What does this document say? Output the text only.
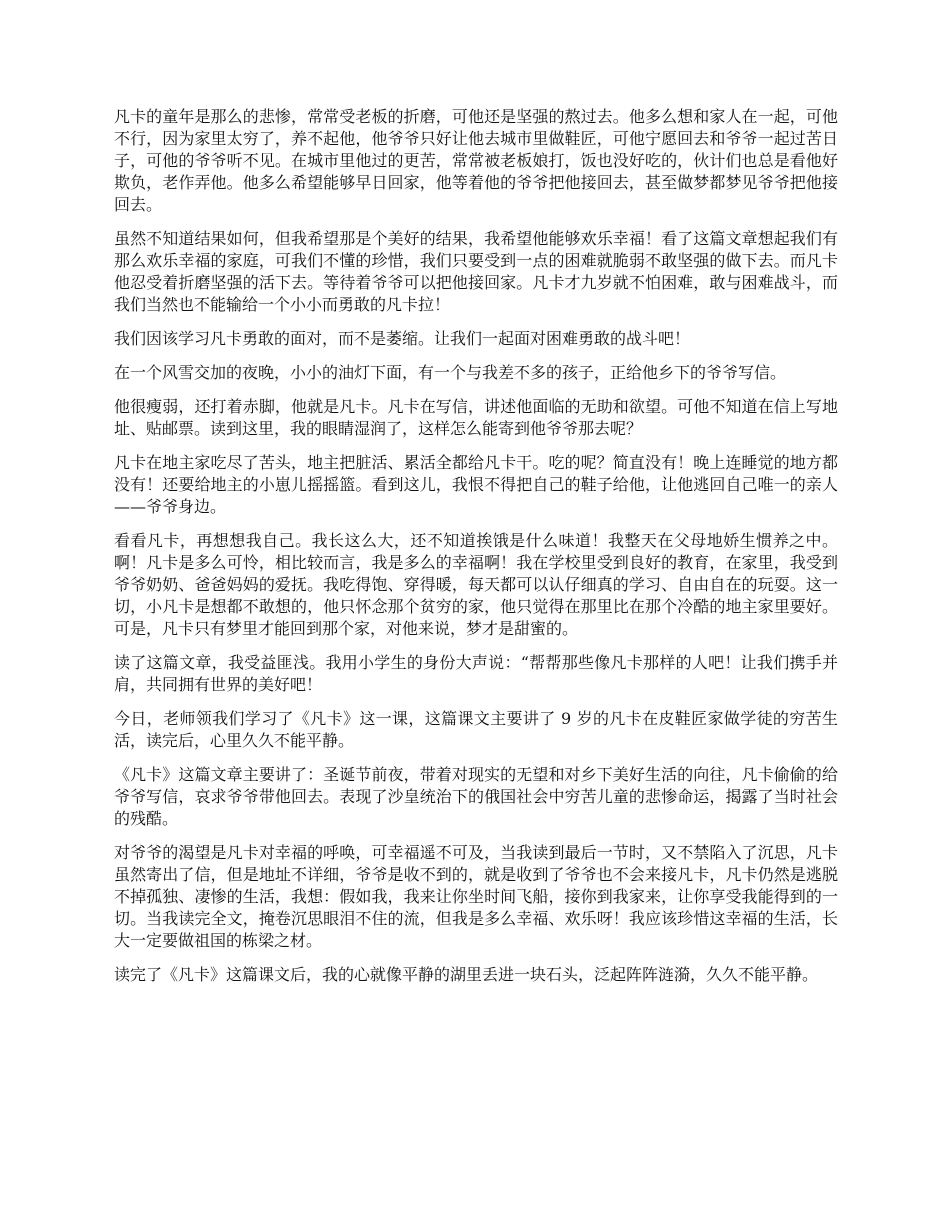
凡卡的童年是那么的悲惨，常常受老板的折磨，可他还是坚强的熬过去。他多么想和家人在一起，可他不行，因为家里太穷了，养不起他，他爷爷只好让他去城市里做鞋匠，可他宁愿回去和爷爷一起过苦日子，可他的爷爷听不见。在城市里他过的更苦，常常被老板娘打，饭也没好吃的，伙计们也总是看他好欺负，老作弄他。他多么希望能够早日回家，他等着他的爷爷把他接回去，甚至做梦都梦见爷爷把他接回去。

虽然不知道结果如何，但我希望那是个美好的结果，我希望他能够欢乐幸福！看了这篇文章想起我们有那么欢乐幸福的家庭，可我们不懂的珍惜，我们只要受到一点的困难就脆弱不敢坚强的做下去。而凡卡他忍受着折磨坚强的活下去。等待着爷爷可以把他接回家。凡卡才九岁就不怕困难，敢与困难战斗，而我们当然也不能输给一个小小而勇敢的凡卡拉！

我们因该学习凡卡勇敢的面对，而不是萎缩。让我们一起面对困难勇敢的战斗吧！

在一个风雪交加的夜晚，小小的油灯下面，有一个与我差不多的孩子，正给他乡下的爷爷写信。

他很瘦弱，还打着赤脚，他就是凡卡。凡卡在写信，讲述他面临的无助和欲望。可他不知道在信上写地址、贴邮票。读到这里，我的眼睛湿润了，这样怎么能寄到他爷爷那去呢？

凡卡在地主家吃尽了苦头，地主把脏活、累活全都给凡卡干。吃的呢？简直没有！晚上连睡觉的地方都没有！还要给地主的小崽儿摇摇篮。看到这儿，我恨不得把自己的鞋子给他，让他逃回自己唯一的亲人——爷爷身边。

看看凡卡，再想想我自己。我长这么大，还不知道挨饿是什么味道！我整天在父母地娇生惯养之中。啊！凡卡是多么可怜，相比较而言，我是多么的幸福啊！我在学校里受到良好的教育，在家里，我受到爷爷奶奶、爸爸妈妈的爱抚。我吃得饱、穿得暖，每天都可以认仔细真的学习、自由自在的玩耍。这一切，小凡卡是想都不敢想的，他只怀念那个贫穷的家，他只觉得在那里比在那个冷酷的地主家里要好。可是，凡卡只有梦里才能回到那个家，对他来说，梦才是甜蜜的。

读了这篇文章，我受益匪浅。我用小学生的身份大声说：“帮帮那些像凡卡那样的人吧！让我们携手并肩，共同拥有世界的美好吧！

今日，老师领我们学习了《凡卡》这一课，这篇课文主要讲了 9 岁的凡卡在皮鞋匠家做学徒的穷苦生活，读完后，心里久久不能平静。

《凡卡》这篇文章主要讲了：圣诞节前夜，带着对现实的无望和对乡下美好生活的向往，凡卡偷偷的给爷爷写信，哀求爷爷带他回去。表现了沙皇统治下的俄国社会中穷苦儿童的悲惨命运，揭露了当时社会的残酷。

对爷爷的渴望是凡卡对幸福的呼唤，可幸福遥不可及，当我读到最后一节时，又不禁陷入了沉思，凡卡虽然寄出了信，但是地址不详细，爷爷是收不到的，就是收到了爷爷也不会来接凡卡，凡卡仍然是逃脱不掉孤独、凄惨的生活，我想：假如我，我来让你坐时间飞船，接你到我家来，让你享受我能得到的一切。当我读完全文，掩卷沉思眼泪不住的流，但我是多么幸福、欢乐呀！我应该珍惜这幸福的生活，长大一定要做祖国的栋梁之材。

读完了《凡卡》这篇课文后，我的心就像平静的湖里丢进一块石头，泛起阵阵涟漪，久久不能平静。
